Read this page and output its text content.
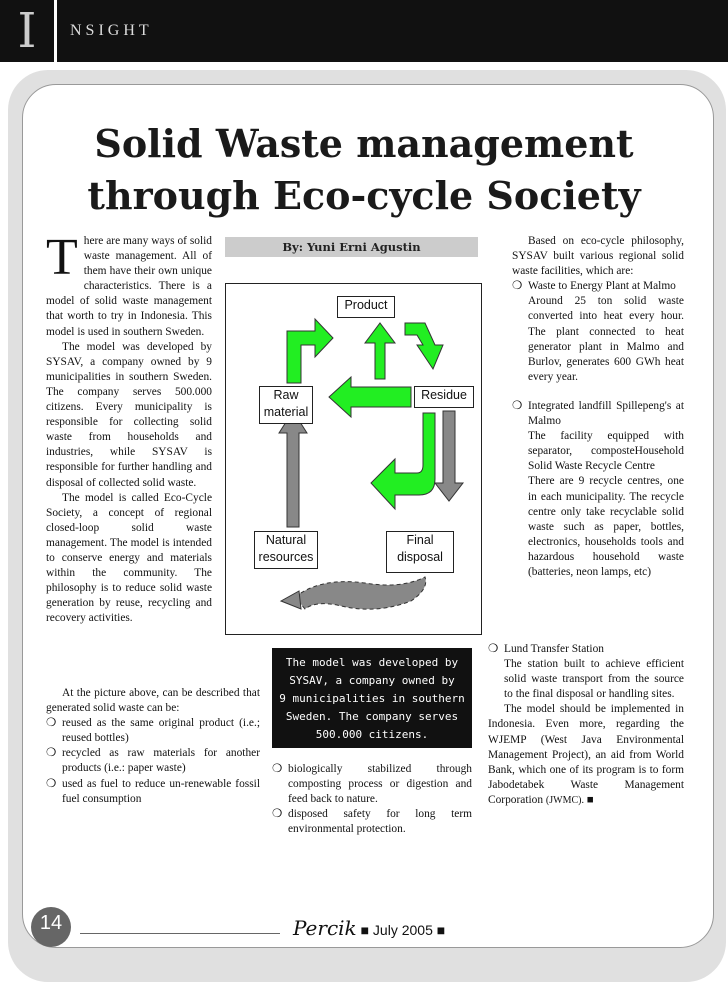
I	NSIGHT
Solid Waste management
through Eco-cycle Society
By: Yuni Erni Agustin
T here are many ways of solid waste management. All of them have their own unique characteristics. There is a model of solid waste management that worth to try in Indonesia. This model is used in southern Sweden.

The model was developed by SYSAV, a company owned by 9 municipalities in southern Sweden. The company serves 500.000 citizens. Every municipality is responsible for collecting solid waste from households and industries, while SYSAV is responsible for further handling and disposal of collected solid waste.

The model is called Eco-Cycle Society, a concept of regional closed-loop solid waste management. The model is intended to conserve energy and materials within the community. The philosophy is to reduce solid waste generation by reuse, recycling and recovery activities.

At the picture above, can be described that generated solid waste can be:

❍ reused as the same original product (i.e.; reused bottles)
❍ recycled as raw materials for another products (i.e.: paper waste)
❍ used as fuel to reduce un-renewable fossil fuel consumption
Product
Raw
material
Residue
Natural
resources
Final
disposal
The model was developed by
SYSAV, a company owned by
9 municipalities in southern
Sweden. The company serves
500.000 citizens.
❍ biologically stabilized through composting process or digestion and feed back to nature.
❍ disposed safety for long term environmental protection.

Based on eco-cycle philosophy, SYSAV built various regional solid waste facilities, which are:

❍ Waste to Energy Plant at Malmo

Around 25 ton solid waste converted into heat every hour. The plant connected to heat generator plant in Malmo and Burlov, generates 600 GWh heat every year.

❍ Integrated landfill Spillepeng's at Malmo

The facility equipped with separator, composteHousehold Solid Waste Recycle Centre

There are 9 recycle centres, one in each municipality. The recycle centre only take recyclable solid waste such as paper, bottles, electronics, households tools and hazardous household waste (batteries, neon lamps, etc)

❍ Lund Transfer Station

The station built to achieve efficient solid waste transport from the source to the final disposal or handling sites.

The model should be implemented in Indonesia. Even more, regarding the WJEMP (West Java Environmental Management Project), an aid from World Bank, which one of its program is to form Jabodetabek Waste Management Corporation (JWMC). ■

14	Percik ■ July 2005 ■
